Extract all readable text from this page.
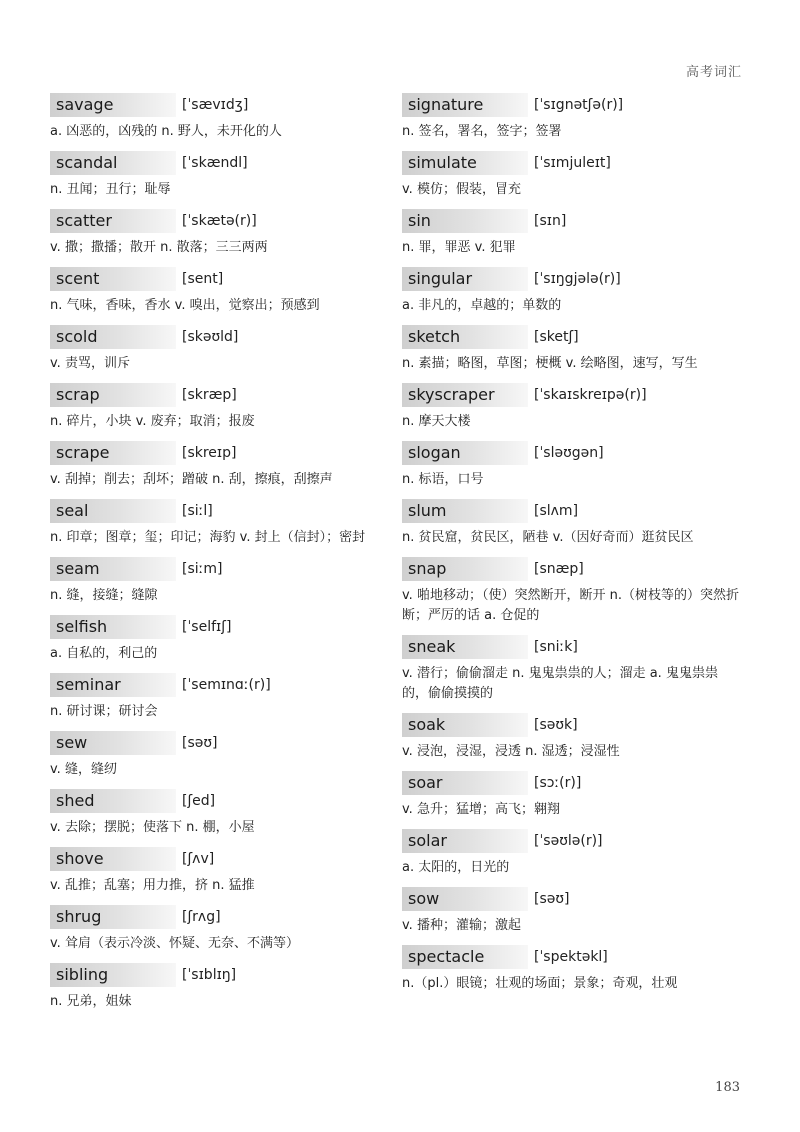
高考词汇
savage	[ˈsævɪdʒ]
a. 凶恶的，凶残的 n. 野人，未开化的人
scandal	[ˈskændl]
n. 丑闻；丑行；耻辱
scatter	[ˈskætə(r)]
v. 撒；撒播；散开 n. 散落；三三两两
scent	[sent]
n. 气味，香味，香水 v. 嗅出，觉察出；预感到
scold	[skəʊld]
v. 责骂，训斥
scrap	[skræp]
n. 碎片，小块 v. 废弃；取消；报废
scrape	[skreɪp]
v. 刮掉；削去；刮坏；蹭破 n. 刮，擦痕，刮擦声
seal	[siːl]
n. 印章；图章；玺；印记；海豹 v. 封上（信封）；密封
seam	[siːm]
n. 缝，接缝；缝隙
selfish	[ˈselfɪʃ]
a. 自私的，利己的
seminar	[ˈsemɪnɑː(r)]
n. 研讨课；研讨会
sew	[səʊ]
v. 缝，缝纫
shed	[ʃed]
v. 去除；摆脱；使落下 n. 棚，小屋
shove	[ʃʌv]
v. 乱推；乱塞；用力推，挤 n. 猛推
shrug	[ʃrʌg]
v. 耸肩（表示冷淡、怀疑、无奈、不满等）
sibling	[ˈsɪblɪŋ]
n. 兄弟，姐妹
signature	[ˈsɪgnətʃə(r)]
n. 签名，署名，签字；签署
simulate	[ˈsɪmjuleɪt]
v. 模仿；假装，冒充
sin	[sɪn]
n. 罪，罪恶 v. 犯罪
singular	[ˈsɪŋgjələ(r)]
a. 非凡的，卓越的；单数的
sketch	[sketʃ]
n. 素描；略图，草图；梗概 v. 绘略图，速写，写生
skyscraper	[ˈskaɪskreɪpə(r)]
n. 摩天大楼
slogan	[ˈsləʊgən]
n. 标语，口号
slum	[slʌm]
n. 贫民窟，贫民区，陋巷 v.（因好奇而）逛贫民区
snap	[snæp]
v. 啪地移动；（使）突然断开，断开 n.（树枝等的）突然折断；严厉的话 a. 仓促的
sneak	[sniːk]
v. 潜行；偷偷溜走 n. 鬼鬼祟祟的人；溜走 a. 鬼鬼祟祟的，偷偷摸摸的
soak	[səʊk]
v. 浸泡，浸湿，浸透 n. 湿透；浸湿性
soar	[sɔː(r)]
v. 急升；猛增；高飞；翱翔
solar	[ˈsəʊlə(r)]
a. 太阳的，日光的
sow	[səʊ]
v. 播种；灌输；激起
spectacle	[ˈspektəkl]
n.（pl.）眼镜；壮观的场面；景象；奇观，壮观
183
